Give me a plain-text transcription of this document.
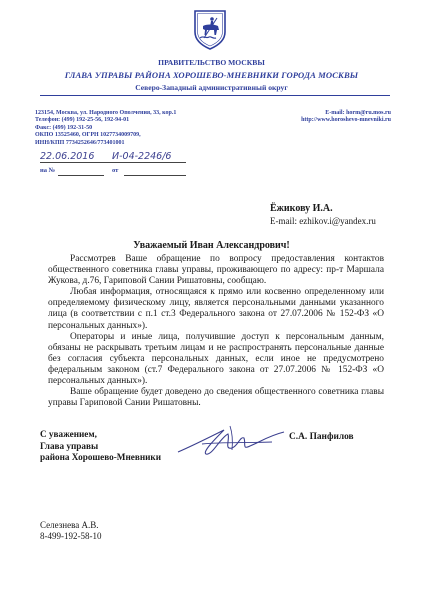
ПРАВИТЕЛЬСТВО МОСКВЫ
ГЛАВА УПРАВЫ РАЙОНА ХОРОШЕВО-МНЕВНИКИ ГОРОДА МОСКВЫ
Северо-Западный административный округ
123154, Москва, ул. Народного Ополчения, 33, кор.1
Телефон: (499) 192-25-56, 192-94-01
Факс: (499) 192-31-50
ОКПО 13525460, ОГРН 1027734009709,
ИНН/КПП 7734252646/773401001
E-mail: horm@ru.mos.ru
http://www.horoshevo-mnevniki.ru
22.06.2016 И-04-2246/6
на №	от
Ёжикову И.А.
E-mail: ezhikov.i@yandex.ru
Уважаемый Иван Александрович!

Рассмотрев Ваше обращение по вопросу предоставления контактов общественного советника главы управы, проживающего по адресу: пр-т Маршала Жукова, д.76, Гариповой Сании Ришатовны, сообщаю.

Любая информация, относящаяся к прямо или косвенно определенному или определяемому физическому лицу, является персональными данными указанного лица (в соответствии с п.1 ст.3 Федерального закона от 27.07.2006 № 152-ФЗ «О персональных данных»).

Операторы и иные лица, получившие доступ к персональным данным, обязаны не раскрывать третьим лицам и не распространять персональные данные без согласия субъекта персональных данных, если иное не предусмотрено федеральным законом (ст.7 Федерального закона от 27.07.2006 № 152-ФЗ «О персональных данных»).

Ваше обращение будет доведено до сведения общественного советника главы управы Гариповой Сании Ришатовны.

С уважением,
Глава управы
района Хорошево-Мневники
С.А. Панфилов
Селезнева А.В.
8-499-192-58-10
